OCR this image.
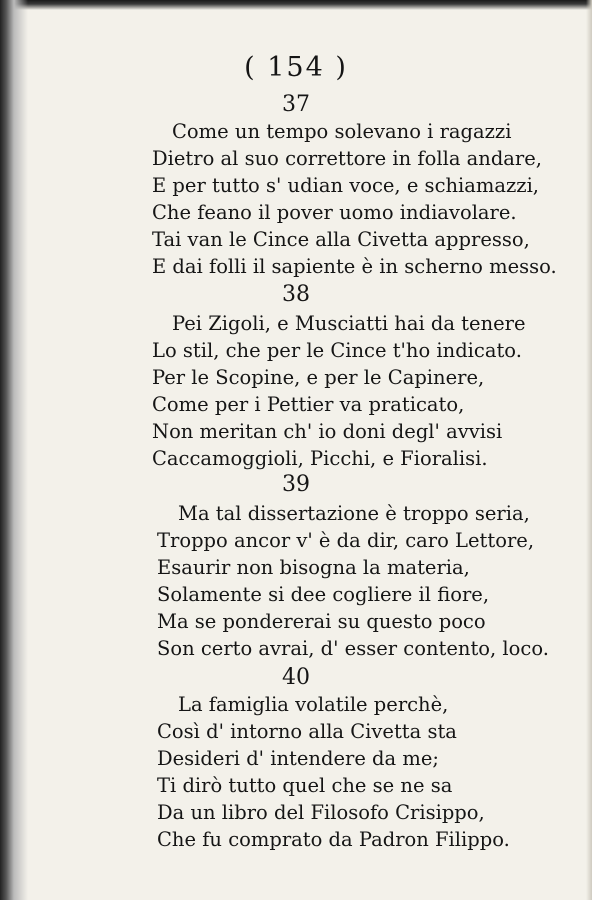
( 154 )
37
Come un tempo solevano i ragazzi
Dietro al suo correttore in folla andare,
E per tutto s' udian voce, e schiamazzi,
Che feano il pover uomo indiavolare.
Tai van le Cince alla Civetta appresso,
E dai folli il sapiente è in scherno messo.
38
Pei Zigoli, e Musciatti hai da tenere
Lo stil, che per le Cince t'ho indicato.
Per le Scopine, e per le Capinere,
Come per i Pettier va praticato,
Non meritan ch' io doni degl' avvisi
Caccamoggioli, Picchi, e Fioralisi.
39
Ma tal dissertazione è troppo seria,
Troppo ancor v' è da dir, caro Lettore,
Esaurir non bisogna la materia,
Solamente si dee cogliere il fiore,
Ma se pondererai su questo poco
Son certo avrai, d' esser contento, loco.
40
La famiglia volatile perchè,
Così d' intorno alla Civetta sta
Desideri d' intendere da me;
Ti dirò tutto quel che se ne sa
Da un libro del Filosofo Crisippo,
Che fu comprato da Padron Filippo.
